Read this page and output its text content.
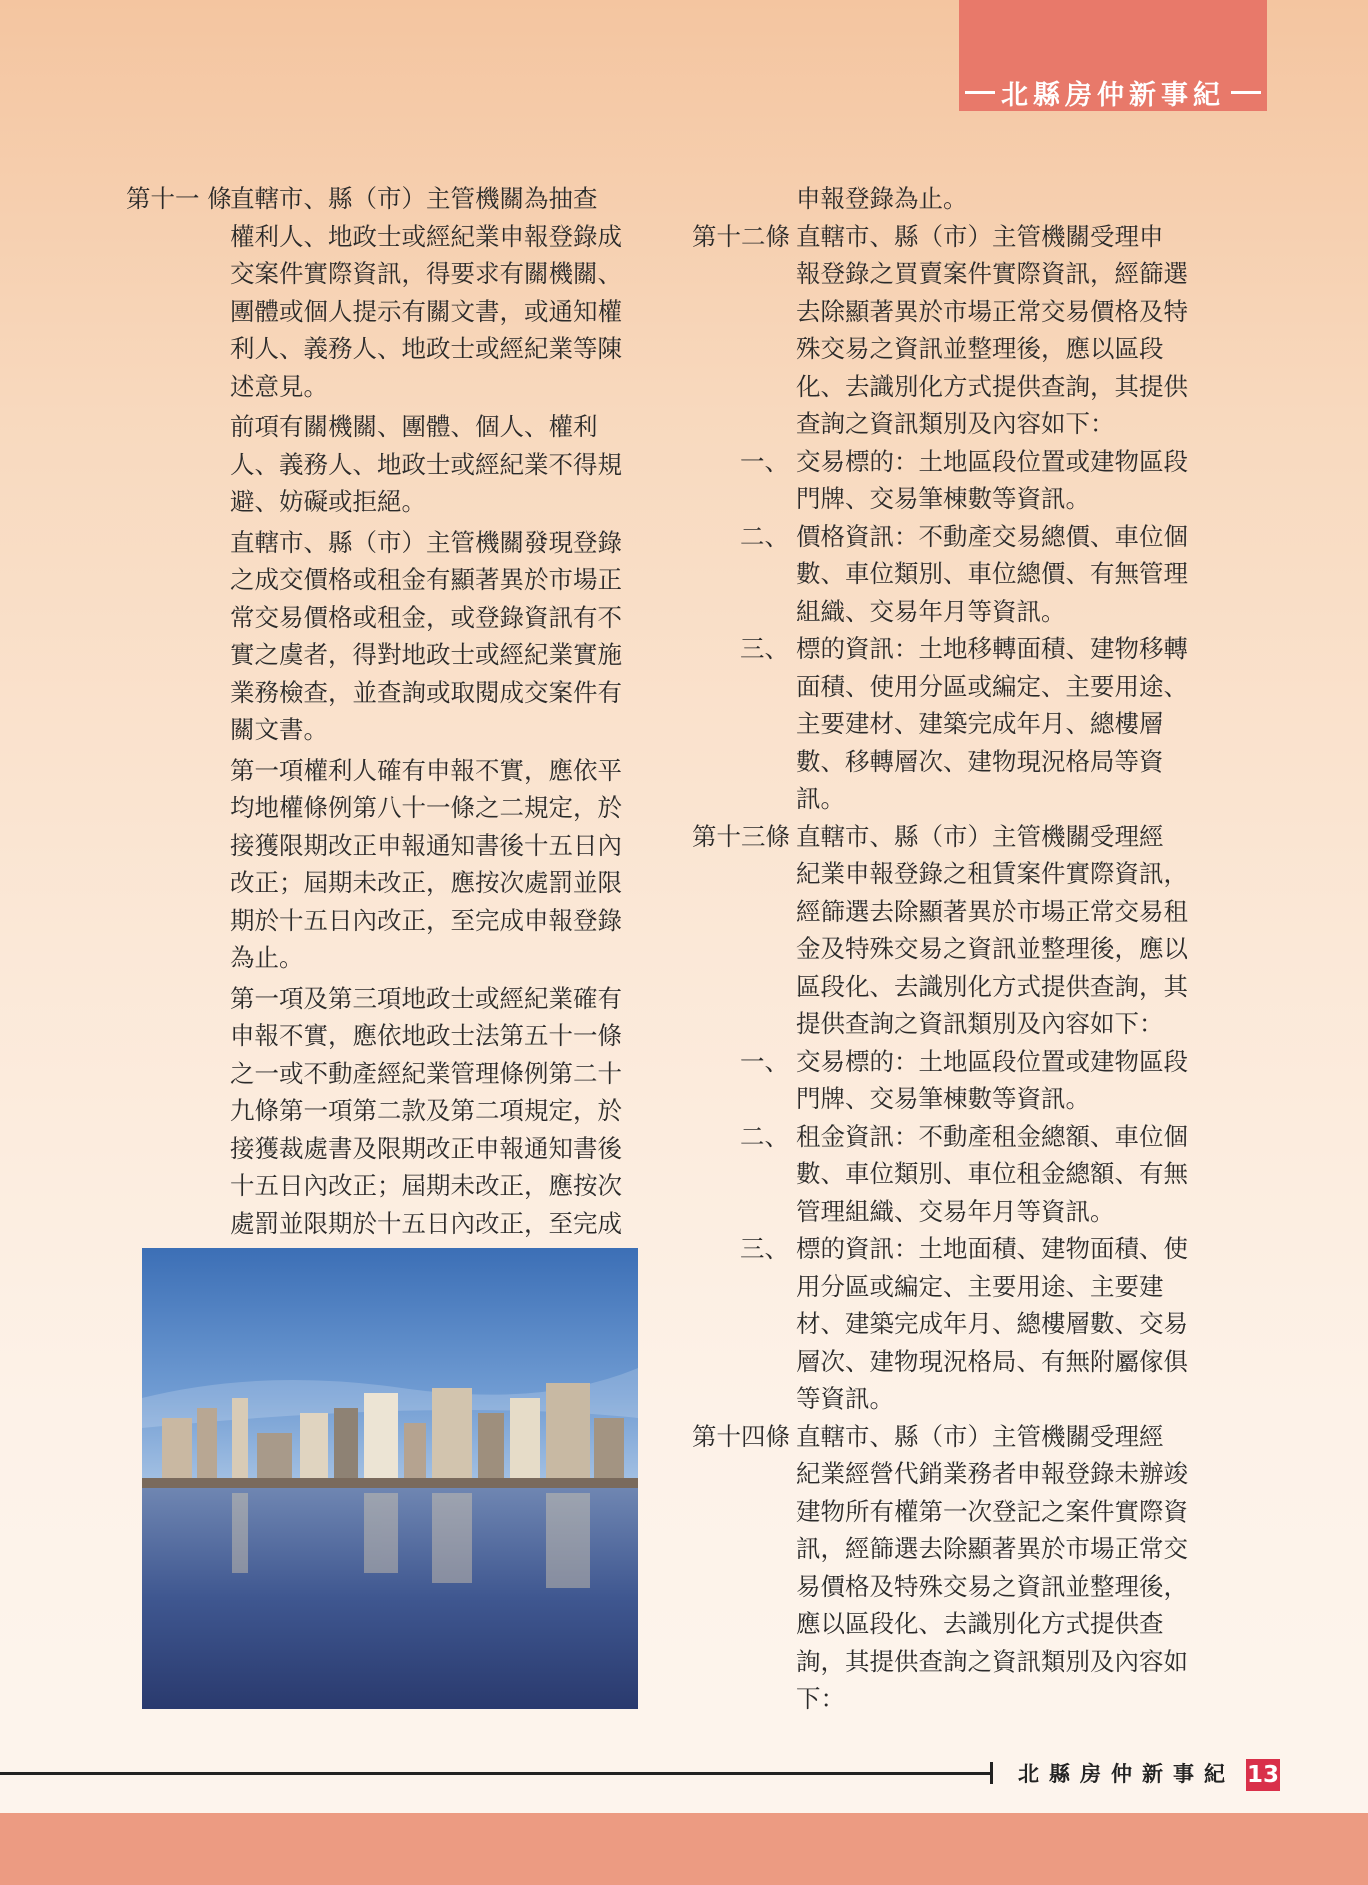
北縣房仲新事紀
第十一 條

直轄市、縣（市）主管機關為抽查

權利人、地政士或經紀業申報登錄成

交案件實際資訊，得要求有關機關、

團體或個人提示有關文書，或通知權

利人、義務人、地政士或經紀業等陳

述意見。

前項有關機關、團體、個人、權利

人、義務人、地政士或經紀業不得規

避、妨礙或拒絕。

直轄市、縣（市）主管機關發現登錄

之成交價格或租金有顯著異於市場正

常交易價格或租金，或登錄資訊有不

實之虞者，得對地政士或經紀業實施

業務檢查，並查詢或取閱成交案件有

關文書。

第一項權利人確有申報不實，應依平

均地權條例第八十一條之二規定，於

接獲限期改正申報通知書後十五日內

改正；屆期未改正，應按次處罰並限

期於十五日內改正，至完成申報登錄

為止。

第一項及第三項地政士或經紀業確有

申報不實，應依地政士法第五十一條

之一或不動產經紀業管理條例第二十

九條第一項第二款及第二項規定，於

接獲裁處書及限期改正申報通知書後

十五日內改正；屆期未改正，應按次

處罰並限期於十五日內改正，至完成

申報登錄為止。

第十二條 直轄市、縣（市）主管機關受理申

報登錄之買賣案件實際資訊，經篩選

去除顯著異於市場正常交易價格及特

殊交易之資訊並整理後，應以區段

化、去識別化方式提供查詢，其提供

查詢之資訊類別及內容如下：

一、 交易標的：土地區段位置或建物區段

門牌、交易筆棟數等資訊。

二、 價格資訊：不動產交易總價、車位個

數、車位類別、車位總價、有無管理

組織、交易年月等資訊。

三、 標的資訊：土地移轉面積、建物移轉

面積、使用分區或編定、主要用途、

主要建材、建築完成年月、總樓層

數、移轉層次、建物現況格局等資

訊。

第十三條 直轄市、縣（市）主管機關受理經

紀業申報登錄之租賃案件實際資訊，

經篩選去除顯著異於市場正常交易租

金及特殊交易之資訊並整理後，應以

區段化、去識別化方式提供查詢，其

提供查詢之資訊類別及內容如下：

一、 交易標的：土地區段位置或建物區段

門牌、交易筆棟數等資訊。

二、 租金資訊：不動產租金總額、車位個

數、車位類別、車位租金總額、有無

管理組織、交易年月等資訊。

三、 標的資訊：土地面積、建物面積、使

用分區或編定、主要用途、主要建

材、建築完成年月、總樓層數、交易

層次、建物現況格局、有無附屬傢俱

等資訊。

第十四條 直轄市、縣（市）主管機關受理經

紀業經營代銷業務者申報登錄未辦竣

建物所有權第一次登記之案件實際資

訊，經篩選去除顯著異於市場正常交

易價格及特殊交易之資訊並整理後，

應以區段化、去識別化方式提供查

詢，其提供查詢之資訊類別及內容如

下：

北縣房仲新事紀 13
